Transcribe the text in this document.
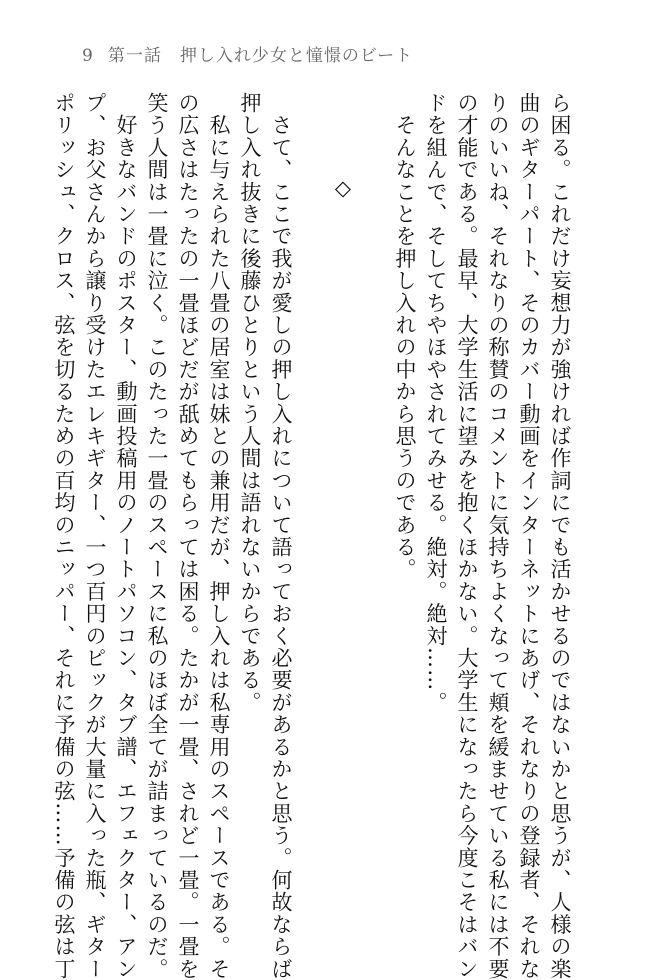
9 第一話　押し入れ少女と憧憬のビート

ら困る。これだけ妄想力が強ければ作詞にでも活かせるのではないかと思うが、人様の楽

曲のギターパート、そのカバー動画をインターネットにあげ、それなりの登録者、それな

りのいいね、それなりの称賛のコメントに気持ちよくなって頬を緩ませている私には不要

の才能である。最早、大学生活に望みを抱くほかない。大学生になったら今度こそはバン

ドを組んで、そしてちやほやされてみせる。絶対。絶対……。

　そんなことを押し入れの中から思うのである。

◇

　さて、ここで我が愛しの押し入れについて語っておく必要があるかと思う。何故ならば

押し入れ抜きに後藤ひとりという人間は語れないからである。

　私に与えられた八畳の居室は妹との兼用だが、押し入れは私専用のスペースである。そ

の広さはたったの一畳ほどだが舐めてもらっては困る。たかが一畳、されど一畳。一畳を

笑う人間は一畳に泣く。このたった一畳のスペースに私のほぼ全てが詰まっているのだ。

　好きなバンドのポスター、動画投稿用のノートパソコン、タブ譜、エフェクター、アン

プ、お父さんから譲り受けたエレキギター、一つ百円のピックが大量に入った瓶、ギター

ポリッシュ、クロス、弦を切るための百均のニッパー、それに予備の弦……予備の弦は丁
